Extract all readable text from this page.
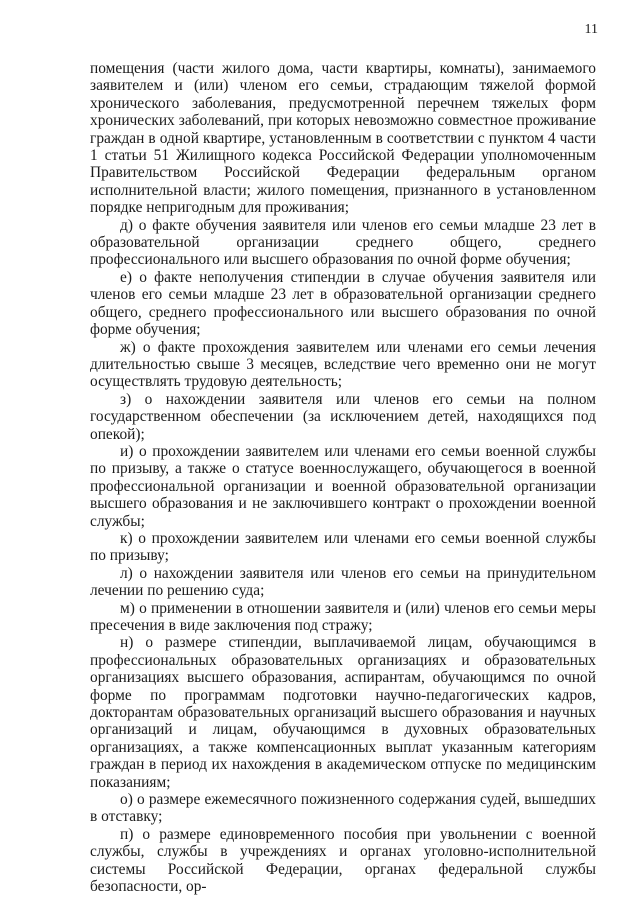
11

помещения (части жилого дома, части квартиры, комнаты), занимаемого заявителем и (или) членом его семьи, страдающим тяжелой формой хронического заболевания, предусмотренной перечнем тяжелых форм хронических заболеваний, при которых невозможно совместное проживание граждан в одной квартире, установленным в соответствии с пунктом 4 части 1 статьи 51 Жилищного кодекса Российской Федерации уполномоченным Правительством Российской Федерации федеральным органом исполнительной власти; жилого помещения, признанного в установленном порядке непригодным для проживания;

д) о факте обучения заявителя или членов его семьи младше 23 лет в образовательной организации среднего общего, среднего профессионального или высшего образования по очной форме обучения;

е) о факте неполучения стипендии в случае обучения заявителя или членов его семьи младше 23 лет в образовательной организации среднего общего, среднего профессионального или высшего образования по очной форме обучения;

ж) о факте прохождения заявителем или членами его семьи лечения длительностью свыше 3 месяцев, вследствие чего временно они не могут осуществлять трудовую деятельность;

з) о нахождении заявителя или членов его семьи на полном государственном обеспечении (за исключением детей, находящихся под опекой);

и) о прохождении заявителем или членами его семьи военной службы по призыву, а также о статусе военнослужащего, обучающегося в военной профессиональной организации и военной образовательной организации высшего образования и не заключившего контракт о прохождении военной службы;

к) о прохождении заявителем или членами его семьи военной службы по призыву;

л) о нахождении заявителя или членов его семьи на принудительном лечении по решению суда;

м) о применении в отношении заявителя и (или) членов его семьи меры пресечения в виде заключения под стражу;

н) о размере стипендии, выплачиваемой лицам, обучающимся в профессиональных образовательных организациях и образовательных организациях высшего образования, аспирантам, обучающимся по очной форме по программам подготовки научно-педагогических кадров, докторантам образовательных организаций высшего образования и научных организаций и лицам, обучающимся в духовных образовательных организациях, а также компенсационных выплат указанным категориям граждан в период их нахождения в академическом отпуске по медицинским показаниям;

о) о размере ежемесячного пожизненного содержания судей, вышедших в отставку;

п) о размере единовременного пособия при увольнении с военной службы, службы в учреждениях и органах уголовно-исполнительной системы Российской Федерации, органах федеральной службы безопасности, ор-
